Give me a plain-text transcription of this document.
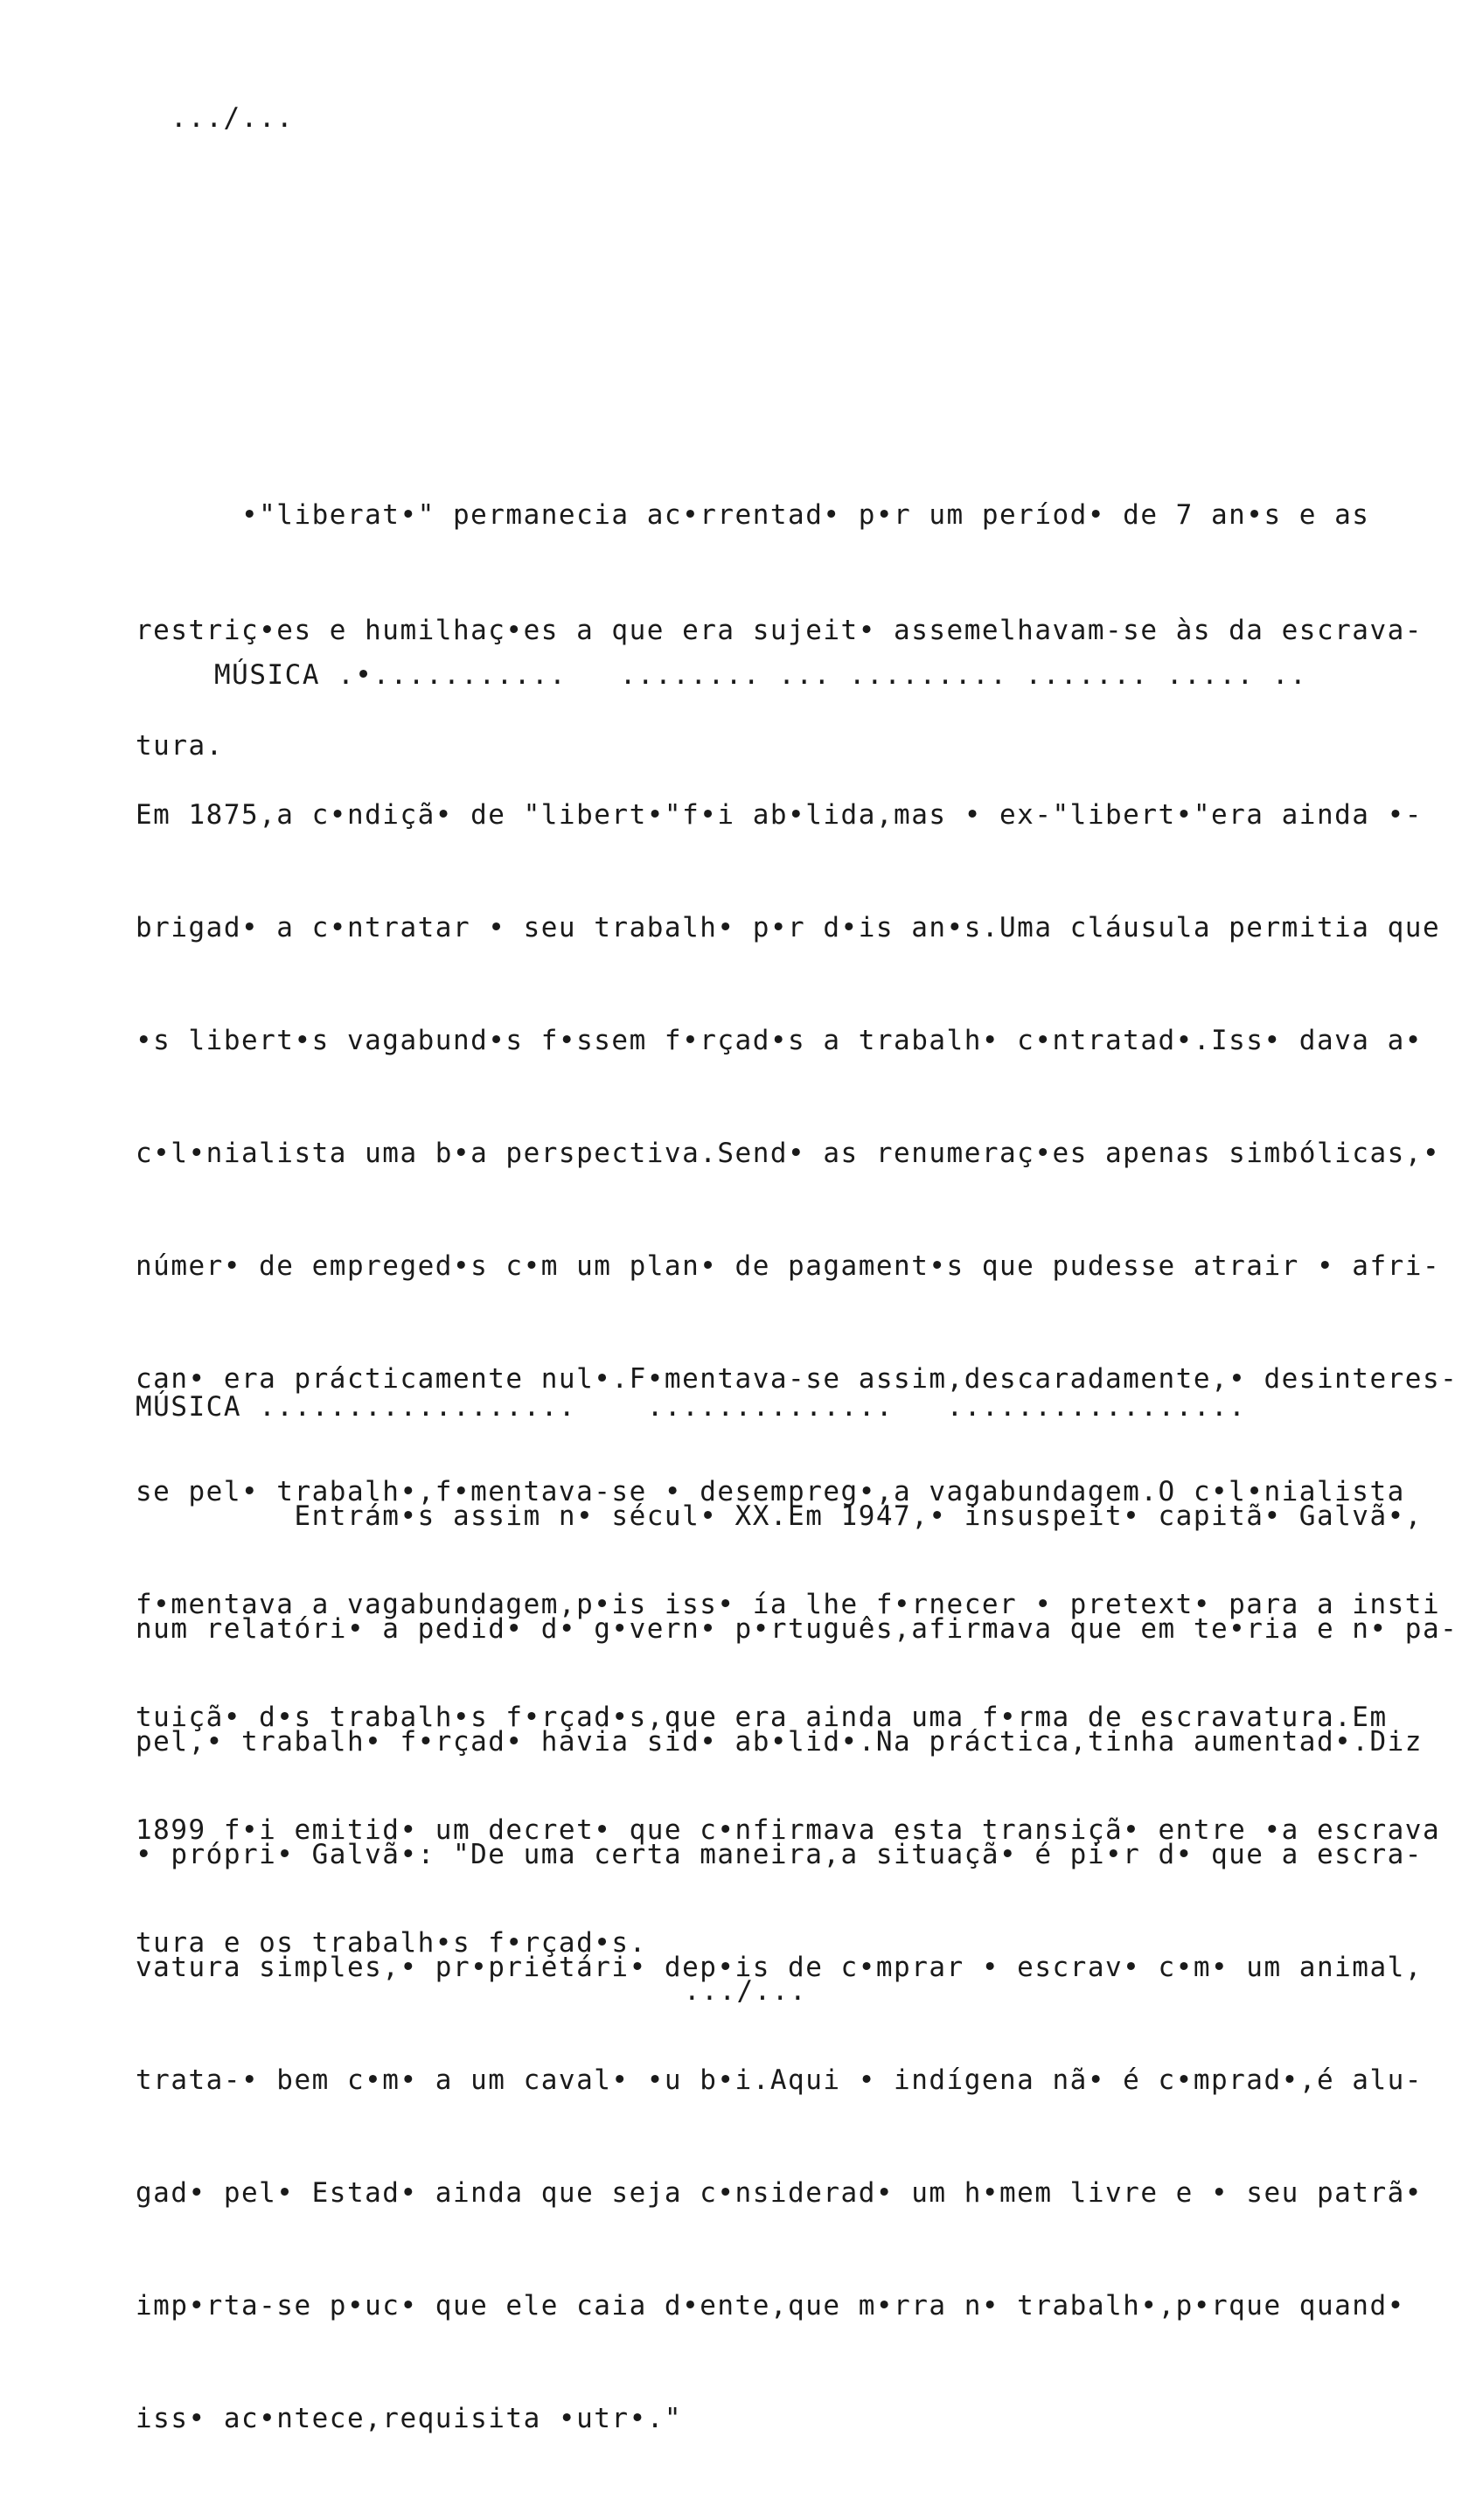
.../...

•"liberat•" permanecia ac•rrentad• p•r um períod• de 7 an•s e as

restriç•es e humilhaç•es a que era sujeit• assemelhavam-se às da escrava-

tura.

MÚSICA .•...........   ........ ... ......... ....... ..... ..

Em 1875,a c•ndiçã• de "libert•"f•i ab•lida,mas • ex-"libert•"era ainda •-

brigad• a c•ntratar • seu trabalh• p•r d•is an•s.Uma cláusula permitia que

•s libert•s vagabund•s f•ssem f•rçad•s a trabalh• c•ntratad•.Iss• dava a•

c•l•nialista uma b•a perspectiva.Send• as renumeraç•es apenas simbólicas,•

númer• de empreged•s c•m um plan• de pagament•s que pudesse atrair • afri-

can• era prácticamente nul•.F•mentava-se assim,descaradamente,• desinteres-

se pel• trabalh•,f•mentava-se • desempreg•,a vagabundagem.O c•l•nialista

f•mentava a vagabundagem,p•is iss• ía lhe f•rnecer • pretext• para a insti

tuiçã• d•s trabalh•s f•rçad•s,que era ainda uma f•rma de escravatura.Em

1899 f•i emitid• um decret• que c•nfirmava esta transiçã• entre •a escrava

tura e os trabalh•s f•rçad•s.

MÚSICA ..................    ..............   .................

Entrám•s assim n• sécul• XX.Em 1947,• insuspeit• capitã• Galvã•,

num relatóri• a pedid• d• g•vern• p•rtuguês,afirmava que em te•ria e n• pa-

pel,• trabalh• f•rçad• havia sid• ab•lid•.Na práctica,tinha aumentad•.Diz

• própri• Galvã•: "De uma certa maneira,a situaçã• é pi•r d• que a escra-

vatura simples,• pr•prietári• dep•is de c•mprar • escrav• c•m• um animal,

trata-• bem c•m• a um caval• •u b•i.Aqui • indígena nã• é c•mprad•,é alu-

gad• pel• Estad• ainda que seja c•nsiderad• um h•mem livre e • seu patrã•

imp•rta-se p•uc• que ele caia d•ente,que m•rra n• trabalh•,p•rque quand•

iss• ac•ntece,requisita •utr•."

.../...
